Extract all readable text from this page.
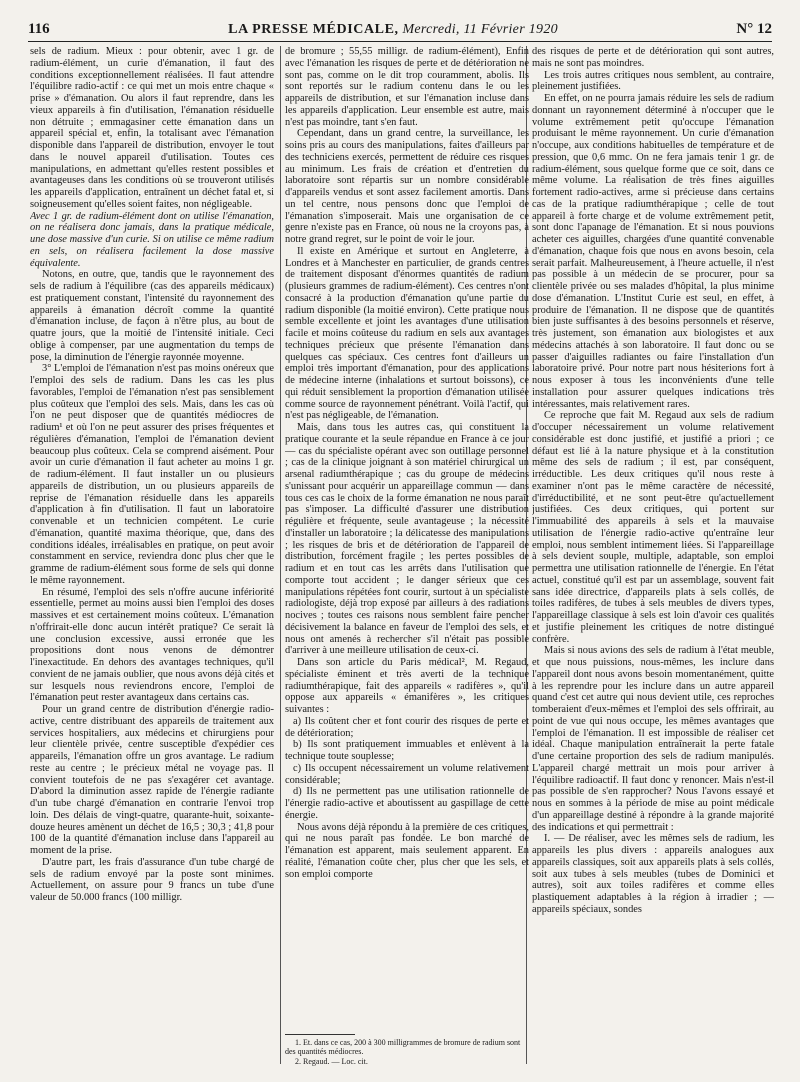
116	LA PRESSE MÉDICALE, Mercredi, 11 Février 1920	N° 12

sels de radium. Mieux : pour obtenir, avec 1 gr. de radium-élément, un curie d'émanation, il faut des conditions exceptionnellement réalisées. Il faut attendre l'équilibre radio-actif : ce qui met un mois entre chaque « prise » d'émanation. Ou alors il faut reprendre, dans les vieux appareils à fin d'utilisation, l'émanation résiduelle non détruite ; emmagasiner cette émanation dans un appareil spécial et, enfin, la totalisant avec l'émanation disponible dans l'appareil de distribution, envoyer le tout dans le nouvel appareil d'utilisation. Toutes ces manipulations, en admettant qu'elles restent possibles et avantageuses dans les conditions où se trouveront utilisés les appareils d'application, entraînent un déchet fatal et, si soigneusement qu'elles soient faites, non négligeable.

Avec 1 gr. de radium-élément dont on utilise l'émanation, on ne réalisera donc jamais, dans la pratique médicale, une dose massive d'un curie. Si on utilise ce même radium en sels, on réalisera facilement la dose massive équivalente.

Notons, en outre, que, tandis que le rayonnement des sels de radium à l'équilibre (cas des appareils médicaux) est pratiquement constant, l'intensité du rayonnement des appareils à émanation décroît comme la quantité d'émanation incluse, de façon à n'être plus, au bout de quatre jours, que la moitié de l'intensité initiale. Ceci oblige à compenser, par une augmentation du temps de pose, la diminution de l'énergie rayonnée moyenne.

3° L'emploi de l'émanation n'est pas moins onéreux que l'emploi des sels de radium. Dans les cas les plus favorables, l'emploi de l'émanation n'est pas sensiblement plus coûteux que l'emploi des sels. Mais, dans les cas où l'on ne peut disposer que de quantités médiocres de radium¹ et où l'on ne peut assurer des prises fréquentes et régulières d'émanation, l'emploi de l'émanation devient beaucoup plus coûteux. Cela se comprend aisément. Pour avoir un curie d'émanation il faut acheter au moins 1 gr. de radium-élément. Il faut installer un ou plusieurs appareils de distribution, un ou plusieurs appareils de reprise de l'émanation résiduelle dans les appareils d'application à fin d'utilisation. Il faut un laboratoire convenable et un technicien compétent. Le curie d'émanation, quantité maxima théorique, que, dans des conditions idéales, irréalisables en pratique, on peut avoir constamment en service, reviendra donc plus cher que le gramme de radium-élément sous forme de sels qui donne le même rayonnement.

En résumé, l'emploi des sels n'offre aucune infériorité essentielle, permet au moins aussi bien l'emploi des doses massives et est certainement moins coûteux. L'émanation n'offrirait-elle donc aucun intérêt pratique? Ce serait là une conclusion excessive, aussi erronée que les propositions dont nous venons de démontrer l'inexactitude. En dehors des avantages techniques, qu'il convient de ne jamais oublier, que nous avons déjà cités et sur lesquels nous reviendrons encore, l'emploi de l'émanation peut rester avantageux dans certains cas.

Pour un grand centre de distribution d'énergie radio-active, centre distribuant des appareils de traitement aux services hospitaliers, aux médecins et chirurgiens pour leur clientèle privée, centre susceptible d'expédier ces appareils, l'émanation offre un gros avantage. Le radium reste au centre ; le précieux métal ne voyage pas. Il convient toutefois de ne pas s'exagérer cet avantage. D'abord la diminution assez rapide de l'énergie radiante d'un tube chargé d'émanation en contrarie l'envoi trop loin. Des délais de vingt-quatre, quarante-huit, soixante-douze heures amènent un déchet de 16,5 ; 30,3 ; 41,8 pour 100 de la quantité d'émanation incluse dans l'appareil au moment de la prise.

D'autre part, les frais d'assurance d'un tube chargé de sels de radium envoyé par la poste sont minimes. Actuellement, on assure pour 9 francs un tube d'une valeur de 50.000 francs (100 milligr.

de bromure ; 55,55 milligr. de radium-élément), Enfin avec l'émanation les risques de perte et de détérioration ne sont pas, comme on le dit trop couramment, abolis. Ils sont reportés sur le radium contenu dans le ou les appareils de distribution, et sur l'émanation incluse dans les appareils d'application. Leur ensemble est autre, mais n'est pas moindre, tant s'en faut.

Cependant, dans un grand centre, la surveillance, les soins pris au cours des manipulations, faites d'ailleurs par des techniciens exercés, permettent de réduire ces risques au minimum. Les frais de création et d'entretien du laboratoire sont répartis sur un nombre considérable d'appareils vendus et sont assez facilement amortis. Dans un tel centre, nous pensons donc que l'emploi de l'émanation s'imposerait. Mais une organisation de ce genre n'existe pas en France, où nous ne la croyons pas, à notre grand regret, sur le point de voir le jour.

Il existe en Amérique et surtout en Angleterre, à Londres et à Manchester en particulier, de grands centres de traitement disposant d'énormes quantités de radium (plusieurs grammes de radium-élément). Ces centres n'ont consacré à la production d'émanation qu'une partie du radium disponible (la moitié environ). Cette pratique nous semble excellente et joint les avantages d'une utilisation facile et moins coûteuse du radium en sels aux avantages techniques précieux que présente l'émanation dans quelques cas spéciaux. Ces centres font d'ailleurs un emploi très important d'émanation, pour des applications de médecine interne (inhalations et surtout boissons), ce qui réduit sensiblement la proportion d'émanation utilisée comme source de rayonnement pénétrant. Voilà l'actif, qui n'est pas négligeable, de l'émanation.

Mais, dans tous les autres cas, qui constituent la pratique courante et la seule répandue en France à ce jour — cas du spécialiste opérant avec son outillage personnel ; cas de la clinique joignant à son matériel chirurgical un arsenal radiumthérapique ; cas du groupe de médecins s'unissant pour acquérir un appareillage commun — dans tous ces cas le choix de la forme émanation ne nous paraît pas s'imposer. La difficulté d'assurer une distribution régulière et fréquente, seule avantageuse ; la nécessité d'installer un laboratoire ; la délicatesse des manipulations ; les risques de bris et de détérioration de l'appareil de distribution, forcément fragile ; les pertes possibles de radium et en tout cas les arrêts dans l'utilisation que comporte tout accident ; le danger sérieux que ces manipulations répétées font courir, surtout à un spécialiste radiologiste, déjà trop exposé par ailleurs à des radiations nocives ; toutes ces raisons nous semblent faire pencher décisivement la balance en faveur de l'emploi des sels, et nous ont amenés à rechercher s'il n'était pas possible d'arriver à une meilleure utilisation de ceux-ci.

Dans son article du Paris médical², M. Regaud, spécialiste éminent et très averti de la technique radiumthérapique, fait des appareils « radifères », qu'il oppose aux appareils « émanifères », les critiques suivantes :

a) Ils coûtent cher et font courir des risques de perte et de détérioration;

b) Ils sont pratiquement immuables et enlèvent à la technique toute souplesse;

c) Ils occupent nécessairement un volume relativement considérable;

d) Ils ne permettent pas une utilisation rationnelle de l'énergie radio-active et aboutissent au gaspillage de cette énergie.

Nous avons déjà répondu à la première de ces critiques, qui ne nous paraît pas fondée. Le bon marché de l'émanation est apparent, mais seulement apparent. En réalité, l'émanation coûte cher, plus cher que les sels, et son emploi comporte

des risques de perte et de détérioration qui sont autres, mais ne sont pas moindres.

Les trois autres critiques nous semblent, au contraire, pleinement justifiées.

En effet, on ne pourra jamais réduire les sels de radium donnant un rayonnement déterminé à n'occuper que le volume extrêmement petit qu'occupe l'émanation produisant le même rayonnement. Un curie d'émanation n'occupe, aux conditions habituelles de température et de pression, que 0,6 mmc. On ne fera jamais tenir 1 gr. de radium-élément, sous quelque forme que ce soit, dans ce même volume. La réalisation de très fines aiguilles fortement radio-actives, arme si précieuse dans certains cas de la pratique radiumthérapique ; celle de tout appareil à forte charge et de volume extrêmement petit, sont donc l'apanage de l'émanation. Et si nous pouvions acheter ces aiguilles, chargées d'une quantité convenable d'émanation, chaque fois que nous en avons besoin, cela serait parfait. Malheureusement, à l'heure actuelle, il n'est pas possible à un médecin de se procurer, pour sa clientèle privée ou ses malades d'hôpital, la plus minime dose d'émanation. L'Institut Curie est seul, en effet, à produire de l'émanation. Il ne dispose que de quantités bien juste suffisantes à des besoins personnels et réserve, très justement, son émanation aux biologistes et aux médecins attachés à son laboratoire. Il faut donc ou se passer d'aiguilles radiantes ou faire l'installation d'un laboratoire privé. Pour notre part nous hésiterions fort à nous exposer à tous les inconvénients d'une telle installation pour assurer quelques indications très intéressantes, mais relativement rares.

Ce reproche que fait M. Regaud aux sels de radium d'occuper nécessairement un volume relativement considérable est donc justifié, et justifié a priori ; ce défaut est lié à la nature physique et à la constitution même des sels de radium ; il est, par conséquent, irréductible. Les deux critiques qu'il nous reste à examiner n'ont pas le même caractère de nécessité, d'irréductibilité, et ne sont peut-être qu'actuellement justifiées. Ces deux critiques, qui portent sur l'immuabilité des appareils à sels et la mauvaise utilisation de l'énergie radio-active qu'entraîne leur emploi, nous semblent intimement liées. Si l'appareillage à sels devient souple, multiple, adaptable, son emploi permettra une utilisation rationnelle de l'énergie. En l'état actuel, constitué qu'il est par un assemblage, souvent fait sans idée directrice, d'appareils plats à sels collés, de toiles radifères, de tubes à sels meubles de divers types, l'appareillage classique à sels est loin d'avoir ces qualités et justifie pleinement les critiques de notre distingué confrère.

Mais si nous avions des sels de radium à l'état meuble, et que nous puissions, nous-mêmes, les inclure dans l'appareil dont nous avons besoin momentanément, quitte à les reprendre pour les inclure dans un autre appareil quand c'est cet autre qui nous devient utile, ces reproches tomberaient d'eux-mêmes et l'emploi des sels offrirait, au point de vue qui nous occupe, les mêmes avantages que l'emploi de l'émanation. Il est impossible de réaliser cet idéal. Chaque manipulation entraînerait la perte fatale d'une certaine proportion des sels de radium manipulés. L'appareil chargé mettrait un mois pour arriver à l'équilibre radioactif. Il faut donc y renoncer. Mais n'est-il pas possible de s'en rapprocher? Nous l'avons essayé et nous en sommes à la période de mise au point médicale d'un appareillage destiné à répondre à la grande majorité des indications et qui permettrait :

I. — De réaliser, avec les mêmes sels de radium, les appareils les plus divers : appareils analogues aux appareils classiques, soit aux appareils plats à sels collés, soit aux tubes à sels meubles (tubes de Dominici et autres), soit aux toiles radifères et comme elles plastiquement adaptables à la région à irradier ; — appareils spéciaux, sondes

1. Et. dans ce cas, 200 à 300 milligrammes de bromure de radium sont des quantités médiocres.
2. Regaud. — Loc. cit.
